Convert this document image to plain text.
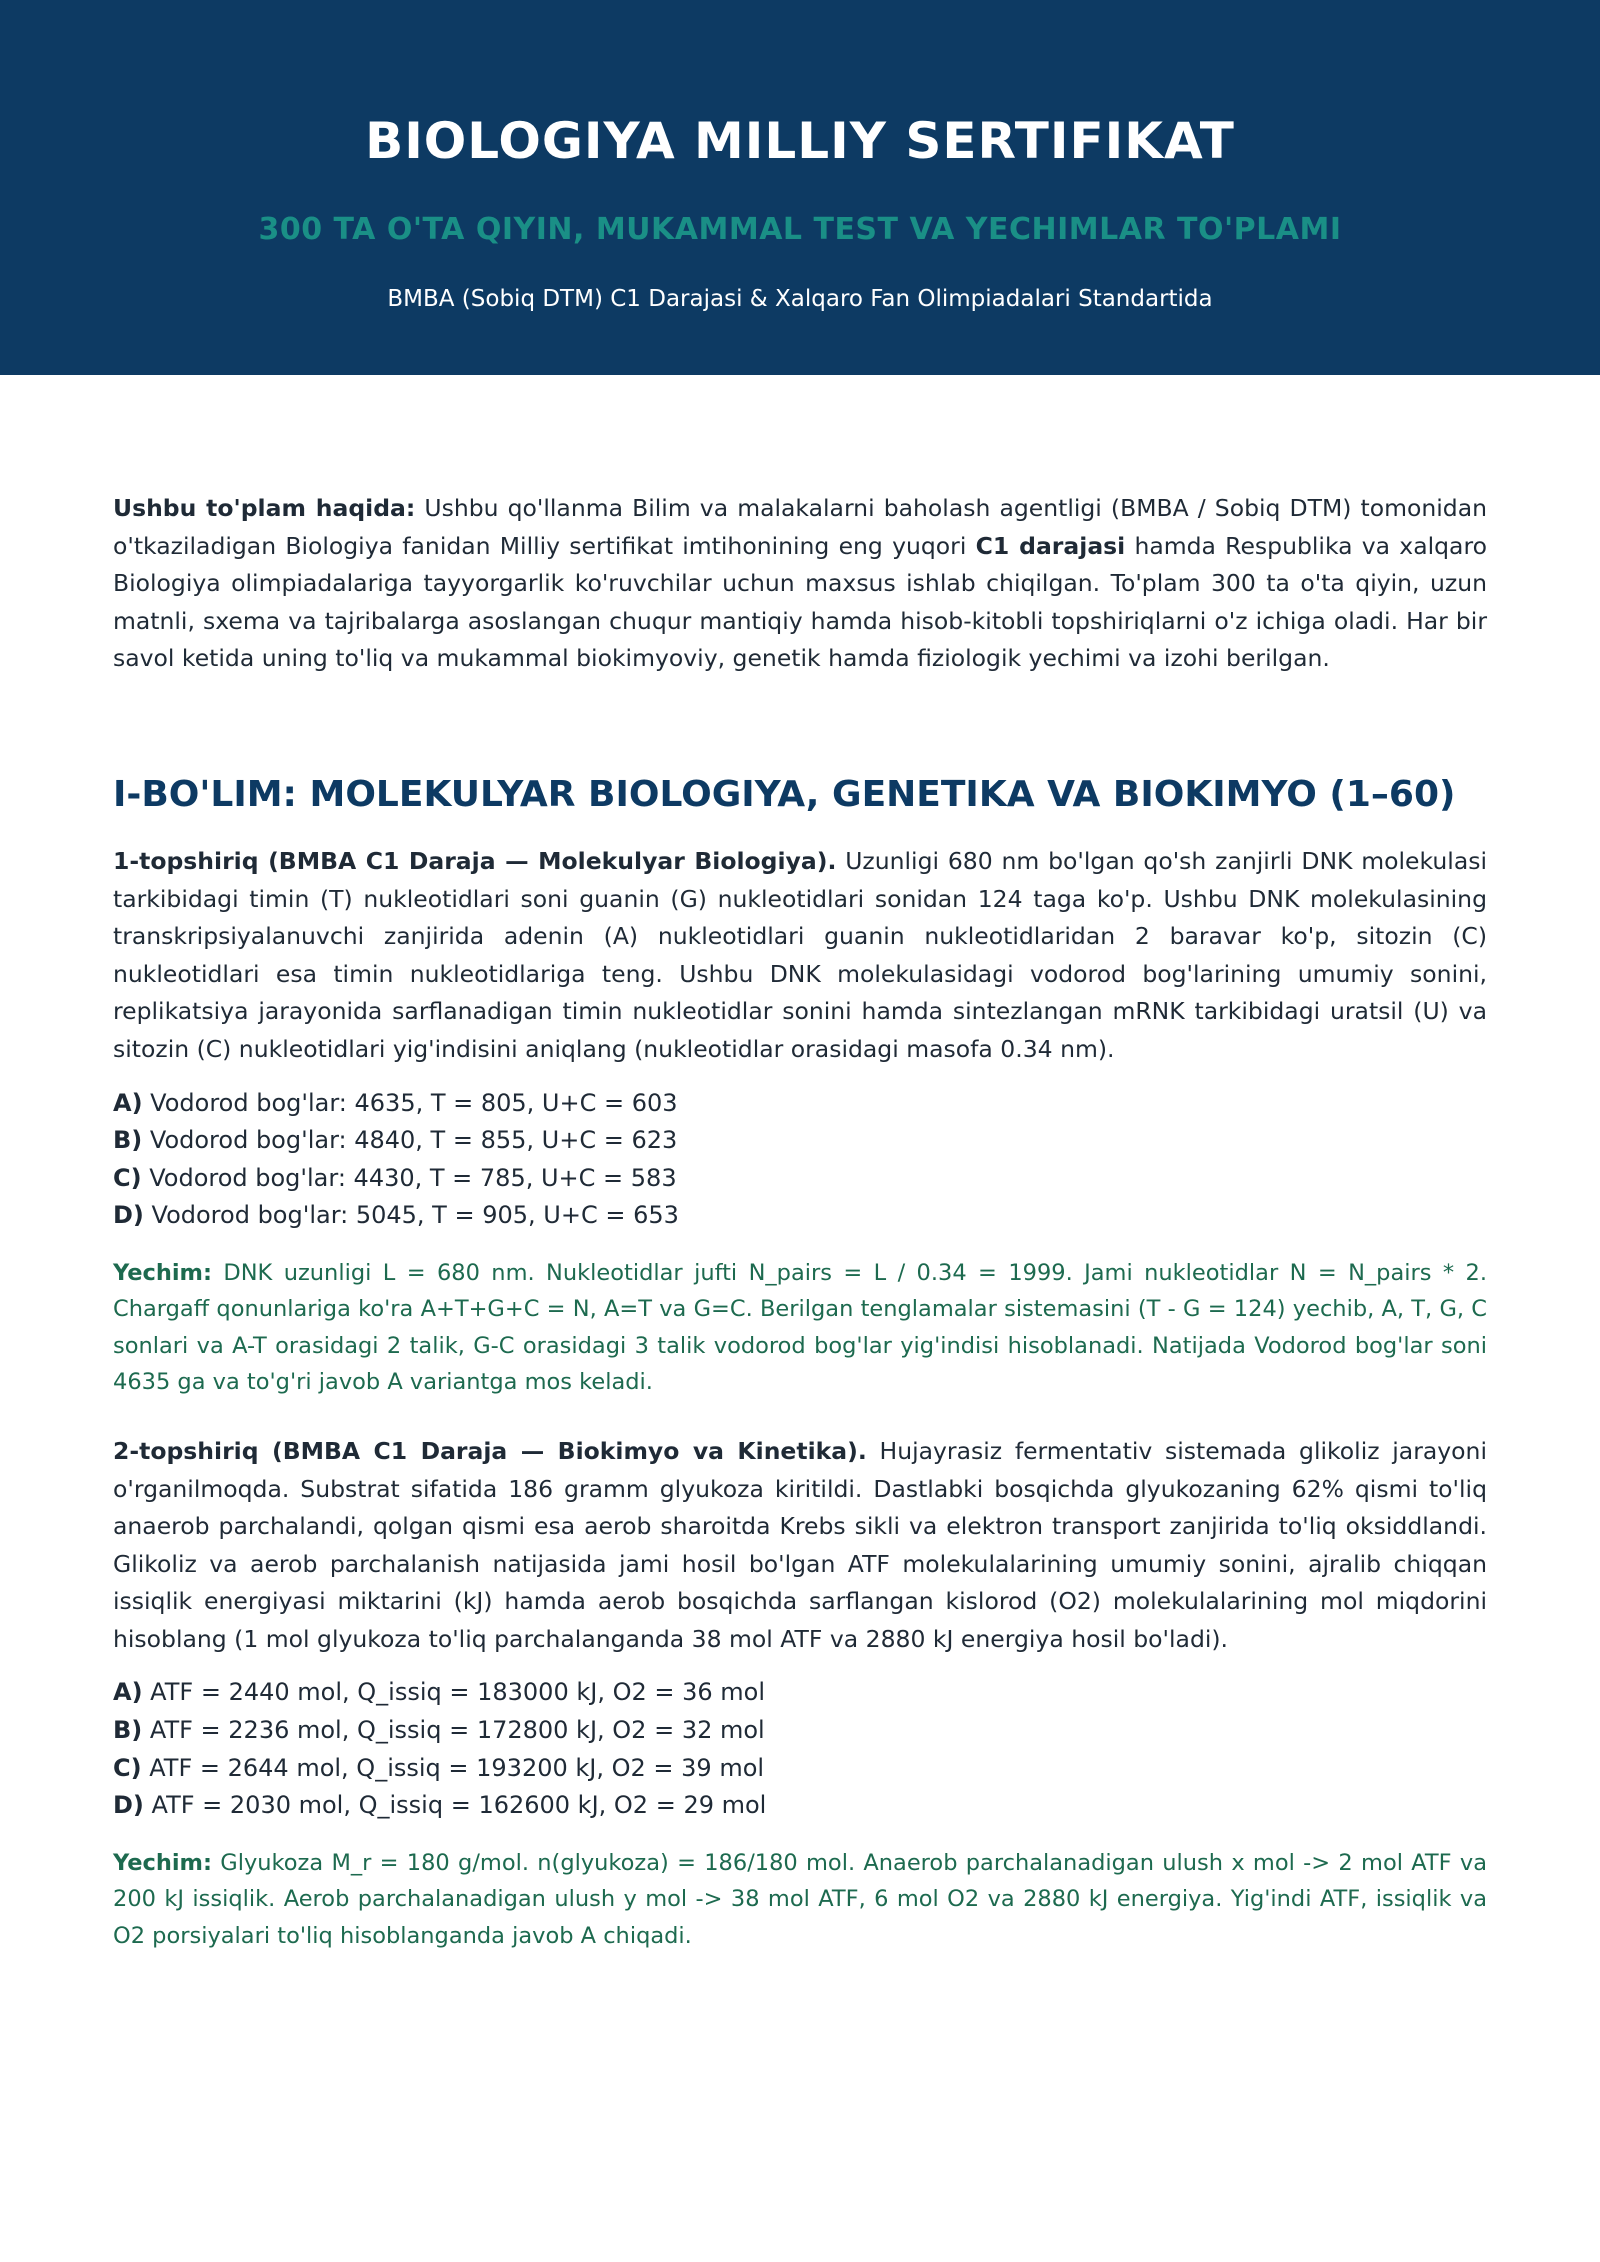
BIOLOGIYA MILLIY SERTIFIKAT
300 TA O'TA QIYIN, MUKAMMAL TEST VA YECHIMLAR TO'PLAMI
BMBA (Sobiq DTM) C1 Darajasi & Xalqaro Fan Olimpiadalari Standartida

Ushbu to'plam haqida: Ushbu qo'llanma Bilim va malakalarni baholash agentligi (BMBA / Sobiq DTM) tomonidan o'tkaziladigan Biologiya fanidan Milliy sertifikat imtihonining eng yuqori C1 darajasi hamda Respublika va xalqaro Biologiya olimpiadalariga tayyorgarlik ko'ruvchilar uchun maxsus ishlab chiqilgan. To'plam 300 ta o'ta qiyin, uzun matnli, sxema va tajribalarga asoslangan chuqur mantiqiy hamda hisob-kitobli topshiriqlarni o'z ichiga oladi. Har bir savol ketida uning to'liq va mukammal biokimyoviy, genetik hamda fiziologik yechimi va izohi berilgan.

I-BO'LIM: MOLEKULYAR BIOLOGIYA, GENETIKA VA BIOKIMYO (1–60)

1-topshiriq (BMBA C1 Daraja — Molekulyar Biologiya). Uzunligi 680 nm bo'lgan qo'sh zanjirli DNK molekulasi tarkibidagi timin (T) nukleotidlari soni guanin (G) nukleotidlari sonidan 124 taga ko'p. Ushbu DNK molekulasining transkripsiyalanuvchi zanjirida adenin (A) nukleotidlari guanin nukleotidlaridan 2 baravar ko'p, sitozin (C) nukleotidlari esa timin nukleotidlariga teng. Ushbu DNK molekulasidagi vodorod bog'larining umumiy sonini, replikatsiya jarayonida sarflanadigan timin nukleotidlar sonini hamda sintezlangan mRNK tarkibidagi uratsil (U) va sitozin (C) nukleotidlari yig'indisini aniqlang (nukleotidlar orasidagi masofa 0.34 nm).

A) Vodorod bog'lar: 4635, T = 805, U+C = 603
B) Vodorod bog'lar: 4840, T = 855, U+C = 623
C) Vodorod bog'lar: 4430, T = 785, U+C = 583
D) Vodorod bog'lar: 5045, T = 905, U+C = 653

Yechim: DNK uzunligi L = 680 nm. Nukleotidlar jufti N_pairs = L / 0.34 = 1999. Jami nukleotidlar N = N_pairs * 2. Chargaff qonunlariga ko'ra A+T+G+C = N, A=T va G=C. Berilgan tenglamalar sistemasini (T - G = 124) yechib, A, T, G, C sonlari va A-T orasidagi 2 talik, G-C orasidagi 3 talik vodorod bog'lar yig'indisi hisoblanadi. Natijada Vodorod bog'lar soni 4635 ga va to'g'ri javob A variantga mos keladi.

2-topshiriq (BMBA C1 Daraja — Biokimyo va Kinetika). Hujayrasiz fermentativ sistemada glikoliz jarayoni o'rganilmoqda. Substrat sifatida 186 gramm glyukoza kiritildi. Dastlabki bosqichda glyukozaning 62% qismi to'liq anaerob parchalandi, qolgan qismi esa aerob sharoitda Krebs sikli va elektron transport zanjirida to'liq oksiddlandi. Glikoliz va aerob parchalanish natijasida jami hosil bo'lgan ATF molekulalarining umumiy sonini, ajralib chiqqan issiqlik energiyasi miktarini (kJ) hamda aerob bosqichda sarflangan kislorod (O2) molekulalarining mol miqdorini hisoblang (1 mol glyukoza to'liq parchalanganda 38 mol ATF va 2880 kJ energiya hosil bo'ladi).

A) ATF = 2440 mol, Q_issiq = 183000 kJ, O2 = 36 mol
B) ATF = 2236 mol, Q_issiq = 172800 kJ, O2 = 32 mol
C) ATF = 2644 mol, Q_issiq = 193200 kJ, O2 = 39 mol
D) ATF = 2030 mol, Q_issiq = 162600 kJ, O2 = 29 mol

Yechim: Glyukoza M_r = 180 g/mol. n(glyukoza) = 186/180 mol. Anaerob parchalanadigan ulush x mol -> 2 mol ATF va 200 kJ issiqlik. Aerob parchalanadigan ulush y mol -> 38 mol ATF, 6 mol O2 va 2880 kJ energiya. Yig'indi ATF, issiqlik va O2 porsiyalari to'liq hisoblanganda javob A chiqadi.
